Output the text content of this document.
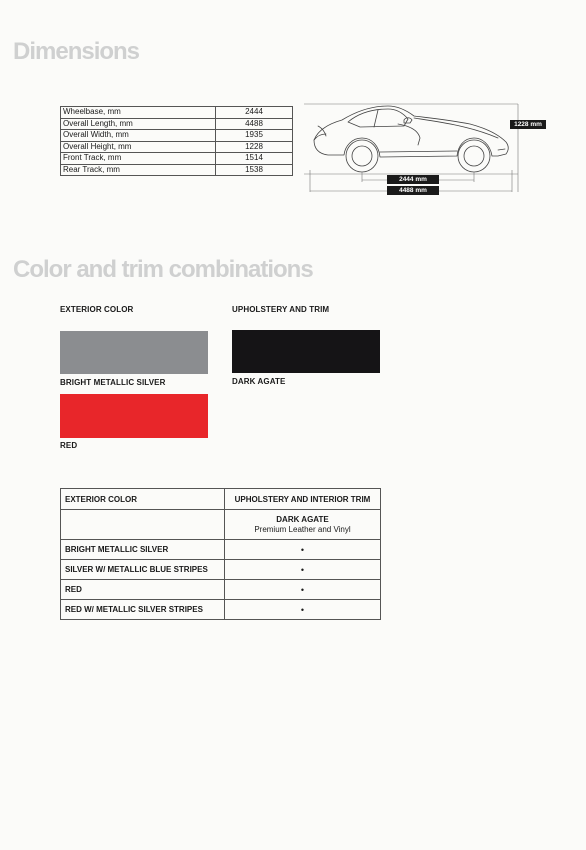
Dimensions
Wheelbase, mm	2444
Overall Length, mm	4488
Overall Width, mm	1935
Overall Height, mm	1228
Front Track, mm	1514
Rear Track, mm	1538
1228 mm
2444 mm
4488 mm
Color and trim combinations
EXTERIOR COLOR	UPHOLSTERY AND TRIM
BRIGHT METALLIC SILVER	DARK AGATE
RED
EXTERIOR COLOR	UPHOLSTERY AND INTERIOR TRIM

	DARK AGATE
Premium Leather and Vinyl

BRIGHT METALLIC SILVER	•
SILVER W/ METALLIC BLUE STRIPES	•
RED	•
RED W/ METALLIC SILVER STRIPES	•
